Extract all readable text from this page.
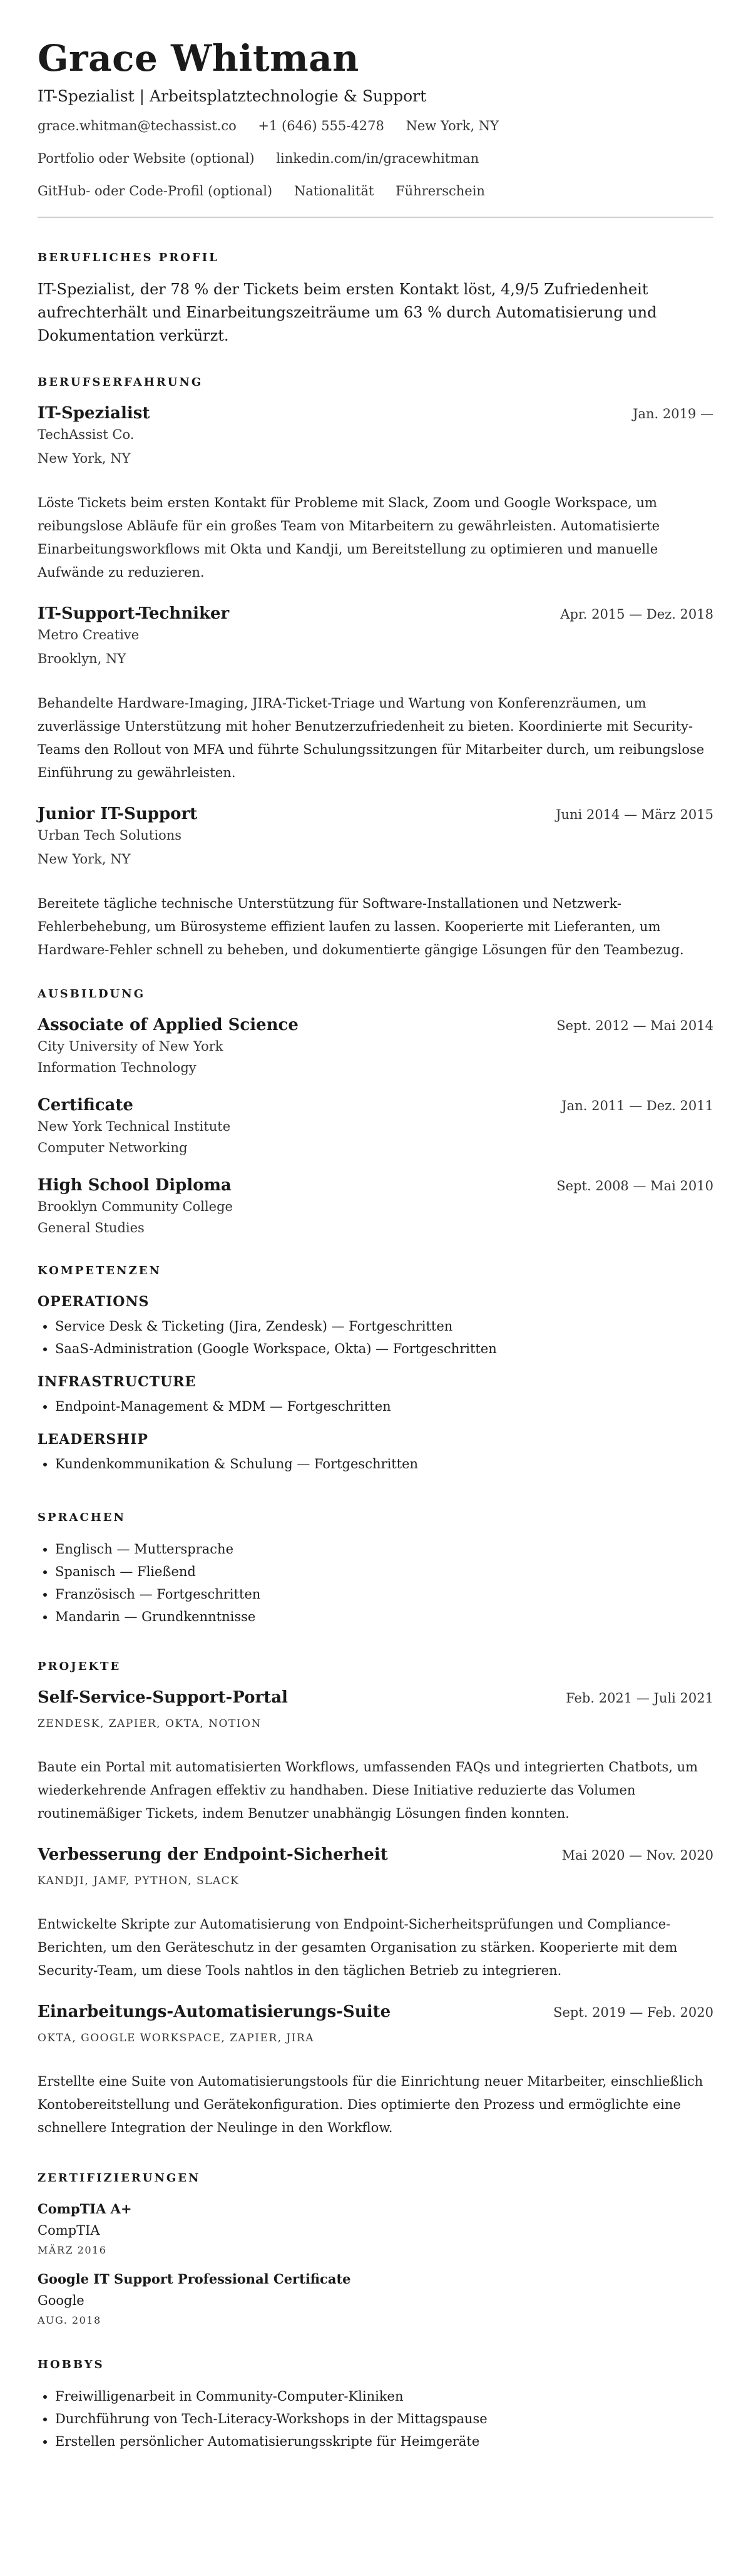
Grace Whitman
IT-Spezialist | Arbeitsplatztechnologie & Support
grace.whitman@techassist.co +1 (646) 555-4278 New York, NY
Portfolio oder Website (optional) linkedin.com/in/gracewhitman
GitHub- oder Code-Profil (optional) Nationalität Führerschein
BERUFLICHES PROFIL
IT-Spezialist, der 78 % der Tickets beim ersten Kontakt löst, 4,9/5 Zufriedenheit aufrechterhält und Einarbeitungszeiträume um 63 % durch Automatisierung und Dokumentation verkürzt.
BERUFSERFAHRUNG
IT-Spezialist	Jan. 2019 —
TechAssist Co.
New York, NY
Löste Tickets beim ersten Kontakt für Probleme mit Slack, Zoom und Google Workspace, um reibungslose Abläufe für ein großes Team von Mitarbeitern zu gewährleisten. Automatisierte Einarbeitungsworkflows mit Okta und Kandji, um Bereitstellung zu optimieren und manuelle Aufwände zu reduzieren.
IT-Support-Techniker	Apr. 2015 — Dez. 2018
Metro Creative
Brooklyn, NY
Behandelte Hardware-Imaging, JIRA-Ticket-Triage und Wartung von Konferenzräumen, um zuverlässige Unterstützung mit hoher Benutzerzufriedenheit zu bieten. Koordinierte mit Security-Teams den Rollout von MFA und führte Schulungssitzungen für Mitarbeiter durch, um reibungslose Einführung zu gewährleisten.
Junior IT-Support	Juni 2014 — März 2015
Urban Tech Solutions
New York, NY
Bereitete tägliche technische Unterstützung für Software-Installationen und Netzwerk-Fehlerbehebung, um Bürosysteme effizient laufen zu lassen. Kooperierte mit Lieferanten, um Hardware-Fehler schnell zu beheben, und dokumentierte gängige Lösungen für den Teambezug.
AUSBILDUNG
Associate of Applied Science	Sept. 2012 — Mai 2014
City University of New York
Information Technology
Certificate	Jan. 2011 — Dez. 2011
New York Technical Institute
Computer Networking
High School Diploma	Sept. 2008 — Mai 2010
Brooklyn Community College
General Studies
KOMPETENZEN
OPERATIONS
• Service Desk & Ticketing (Jira, Zendesk) — Fortgeschritten
• SaaS-Administration (Google Workspace, Okta) — Fortgeschritten
INFRASTRUCTURE
• Endpoint-Management & MDM — Fortgeschritten
LEADERSHIP
• Kundenkommunikation & Schulung — Fortgeschritten
SPRACHEN
• Englisch — Muttersprache
• Spanisch — Fließend
• Französisch — Fortgeschritten
• Mandarin — Grundkenntnisse
PROJEKTE
Self-Service-Support-Portal	Feb. 2021 — Juli 2021
ZENDESK, ZAPIER, OKTA, NOTION
Baute ein Portal mit automatisierten Workflows, umfassenden FAQs und integrierten Chatbots, um wiederkehrende Anfragen effektiv zu handhaben. Diese Initiative reduzierte das Volumen routinemäßiger Tickets, indem Benutzer unabhängig Lösungen finden konnten.
Verbesserung der Endpoint-Sicherheit	Mai 2020 — Nov. 2020
KANDJI, JAMF, PYTHON, SLACK
Entwickelte Skripte zur Automatisierung von Endpoint-Sicherheitsprüfungen und Compliance-Berichten, um den Geräteschutz in der gesamten Organisation zu stärken. Kooperierte mit dem Security-Team, um diese Tools nahtlos in den täglichen Betrieb zu integrieren.
Einarbeitungs-Automatisierungs-Suite	Sept. 2019 — Feb. 2020
OKTA, GOOGLE WORKSPACE, ZAPIER, JIRA
Erstellte eine Suite von Automatisierungstools für die Einrichtung neuer Mitarbeiter, einschließlich Kontobereitstellung und Gerätekonfiguration. Dies optimierte den Prozess und ermöglichte eine schnellere Integration der Neulinge in den Workflow.
ZERTIFIZIERUNGEN
CompTIA A+
CompTIA
MÄRZ 2016
Google IT Support Professional Certificate
Google
AUG. 2018
HOBBYS
• Freiwilligenarbeit in Community-Computer-Kliniken
• Durchführung von Tech-Literacy-Workshops in der Mittagspause
• Erstellen persönlicher Automatisierungsskripte für Heimgeräte
